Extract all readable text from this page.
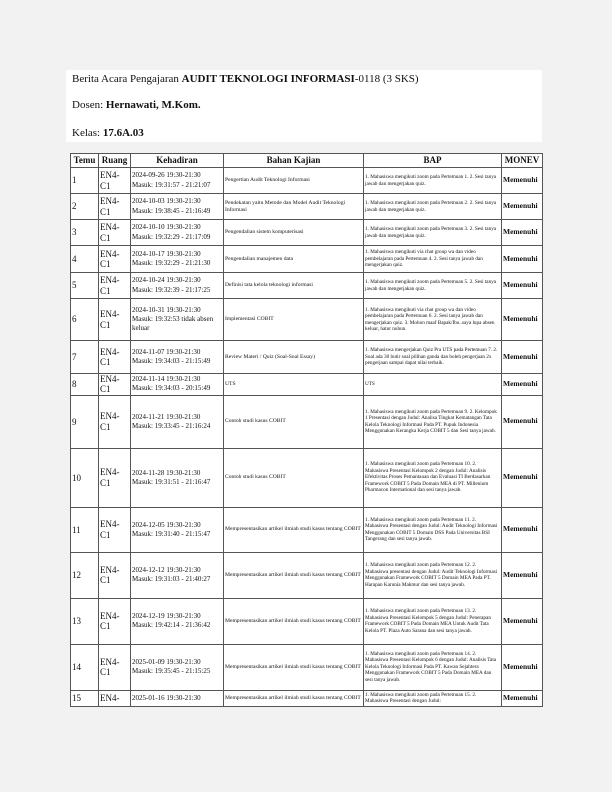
Berita Acara Pengajaran AUDIT TEKNOLOGI INFORMASI-0118 (3 SKS)
Dosen: Hernawati, M.Kom.
Kelas: 17.6A.03
Temu	Ruang	Kehadiran	Bahan Kajian	BAP	MONEV
1	EN4-C1	2024-09-26 19:30-21:30 Masuk: 19:31:57 - 21:21:07	Pengertian Audit Teknologi Informasi	1. Mahasiswa mengikuti zoom pada Pertemuan 1. 2. Sesi tanya jawab dan mengerjakan quiz.	Memenuhi
2	EN4-C1	2024-10-03 19:30-21:30 Masuk: 19:38:45 - 21:16:49	Pendekatan yaitu Metode dan Model Audit Teknologi Informasi	1. Mahasiswa mengikuti zoom pada Pertemuan 2. 2. Sesi tanya jawab dan mengerjakan quiz.	Memenuhi
3	EN4-C1	2024-10-10 19:30-21:30 Masuk: 19:32:29 - 21:17:09	Pengendalian sistem komputerisasi	1. Mahasiswa mengikuti zoom pada Pertemuan 3. 2. Sesi tanya jawab dan mengerjakan quiz.	Memenuhi
4	EN4-C1	2024-10-17 19:30-21:30 Masuk: 19:32:29 - 21:21:30	Pengendalian manajemen data	1. Mahasiswa mengikuti via chat group wa dan video pembelajaran pada Pertemuan 4. 2. Sesi tanya jawab dan mengerjakan quiz.	Memenuhi
5	EN4-C1	2024-10-24 19:30-21:30 Masuk: 19:32:39 - 21:17:25	Definisi tata kelola teknologi informasi	1. Mahasiswa mengikuti zoom pada Pertemuan 5. 2. Sesi tanya jawab dan mengerjakan quiz.	Memenuhi
6	EN4-C1	2024-10-31 19:30-21:30 Masuk: 19:32:53 tidak absen keluar	Implementasi COBIT	1. Mahasiswa mengikuti via chat group wa dan video pembelajaran pada Pertemuan 6. 2. Sesi tanya jawab dan mengerjakan quiz. 3. Mohon maaf Bapak/Ibu..saya lupa absen keluar, hatur nuhun.	Memenuhi
7	EN4-C1	2024-11-07 19:30-21:30 Masuk: 19:34:03 - 21:15:49	Review Materi / Quiz (Soal-Soal Essay)	1. Mahasiswa mengerjakan Quiz Pra UTS pada Pertemuan 7. 2. Soal ada 30 butir soal pilihan ganda dan boleh pengerjaan 2x pengerjaan sampai dapat nilai terbaik.	Memenuhi
8	EN4-C1	2024-11-14 19:30-21:30 Masuk: 19:34:03 - 20:15:49	UTS	UTS	Memenuhi
9	EN4-C1	2024-11-21 19:30-21:30 Masuk: 19:33:45 - 21:16:24	Contoh studi kasus COBIT	1. Mahasiswa mengikuti zoom pada Pertemuan 9. 2. Kelompok 1 Presentasi dengan Judul: Analisa Tingkat Kematangan Tata Kelola Teknologi Informasi Pada PT. Pupuk Indonesia Menggunakan Kerangka Kerja COBIT 5 dan Sesi tanya jawab.	Memenuhi
10	EN4-C1	2024-11-28 19:30-21:30 Masuk: 19:31:51 - 21:16:47	Contoh studi kasus COBIT	1. Mahasiswa mengikuti zoom pada Pertemuan 10. 2. Mahasiswa Presentasi Kelompok 2 dengan Judul: Analisis Efektivitas Proses Pemantauan dan Evaluasi TI Berdasarkan Framework COBIT 5 Pada Domain MEA di PT. Millenium Pharmacon International dan sesi tanya jawab.	Memenuhi
11	EN4-C1	2024-12-05 19:30-21:30 Masuk: 19:31:40 - 21:15:47	Mempresentasikan artikel ilmiah studi kasus tentang COBIT	1. Mahasiswa mengikuti zoom pada Pertemuan 11. 2. Mahasiswa Presentasi dengan Judul: Audit Teknologi Informasi Menggunakan COBIT 5 Domain DSS Pada Universitas BSI Tangerang dan sesi tanya jawab.	Memenuhi
12	EN4-C1	2024-12-12 19:30-21:30 Masuk: 19:31:03 - 21:40:27	Mempresentasikan artikel ilmiah studi kasus tentang COBIT	1. Mahasiswa mengikuti zoom pada Pertemuan 12. 2. Mahasiswa presentasi dengan Judul: Audit Teknologi Informasi Menggunakan Framework COBIT 5 Domain MEA Pada PT. Harapan Karunia Makmur dan sesi tanya jawab.	Memenuhi
13	EN4-C1	2024-12-19 19:30-21:30 Masuk: 19:42:14 - 21:36:42	Mempresentasikan artikel ilmiah studi kasus tentang COBIT	1. Mahasiswa mengikuti zoom pada Pertemuan 13. 2. Mahasiswa Presentasi Kelompok 5 dengan Judul: Penerapan Framework COBIT 5 Pada Domain MEA Untuk Audit Tata Kelola PT. Plaza Auto Sarana dan sesi tanya jawab.	Memenuhi
14	EN4-C1	2025-01-09 19:30-21:30 Masuk: 19:35:45 - 21:15:25	Mempresentasikan artikel ilmiah studi kasus tentang COBIT	1. Mahasiswa mengikuti zoom pada Pertemuan 14. 2. Mahasiswa Presentasi Kelompok 6 dengan Judul: Analisis Tata Kelola Teknologi Informasi Pada PT. Kawan Sejahtera Menggunakan Framework COBIT 5 Pada Domain MEA dan sesi tanya jawab.	Memenuhi
15	EN4-	2025-01-16 19:30-21:30	Mempresentasikan artikel ilmiah studi kasus tentang COBIT	1. Mahasiswa mengikuti zoom pada Pertemuan 15. 2. Mahasiswa Presentasi dengan Judul:	Memenuhi
